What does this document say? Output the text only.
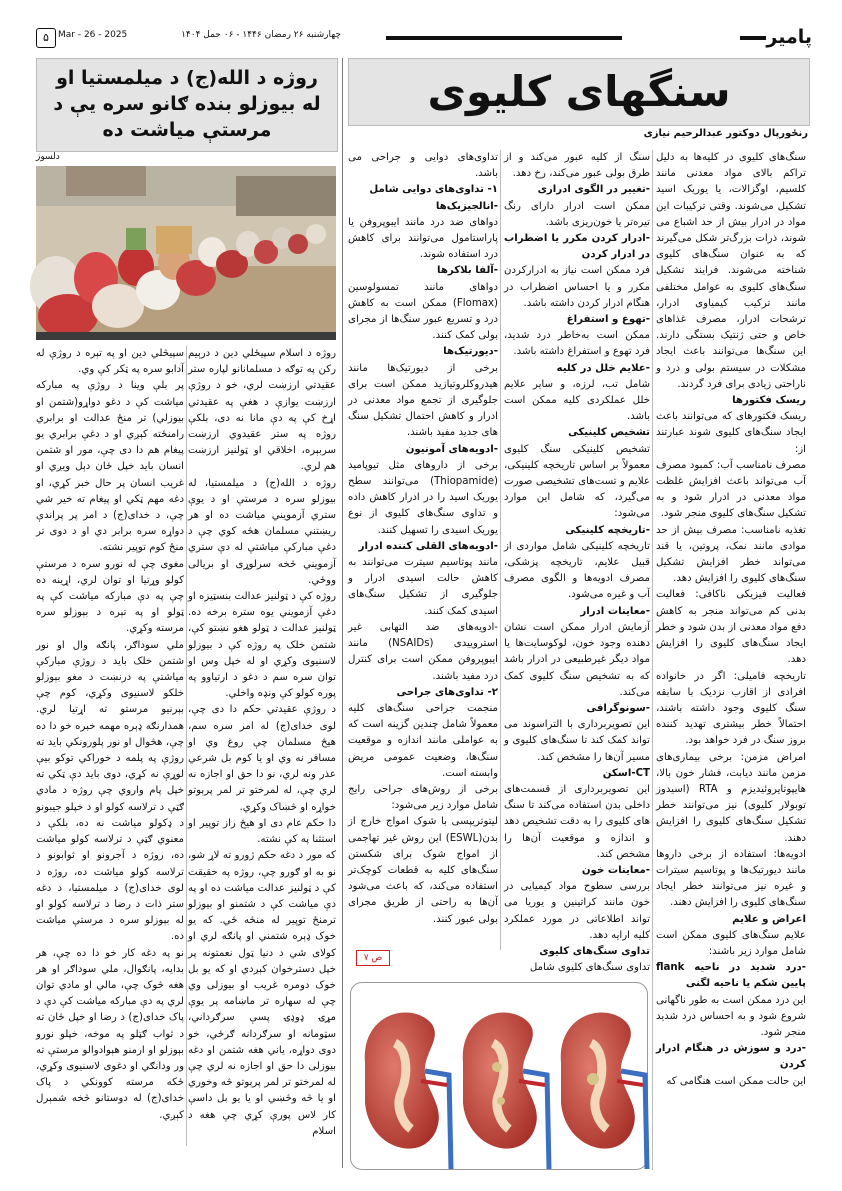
پامیر
چهارشنبه ۲۶ رمضان ۱۴۴۶ - ۰۶ حمل ۱۴۰۴
Mar - 26 - 2025
۵
سنگهای کلیوی
رنځورپال دوکتور عبدالرحیم نیازی

سنگ‌های کلیوی در کلیه‌ها به دلیل تراکم بالای مواد معدنی مانند کلسیم، اوگزالات، یا یوریک اسید تشکیل می‌شوند. وقتی ترکیبات این مواد در ادرار بیش از حد اشباع می شوند، ذرات بزرگ‌تر شکل می‌گیرند که به عنوان سنگ‌های کلیوی شناخته می‌شوند. فرایند تشکیل سنگ‌های کلیوی به عوامل مختلفی مانند ترکیب کیمیاوی ادرار، ترشحات ادرار، مصرف غذاهای خاص و حتی ژنتیک بستگی دارند. این سنگ‌ها می‌توانند باعث ایجاد مشکلات در سیستم بولی و درد و ناراحتی زیادی برای فرد گردند.

ریسک فکتورها

ریسک فکتورهای که می‌توانند باعث ایجاد سنگ‌های کلیوی شوند عبارتند از:

مصرف نامناسب آب: کمبود مصرف آب می‌تواند باعث افزایش غلظت مواد معدنی در ادرار شود و به تشکیل سنگ‌های کلیوی منجر شود.

تغذیه نامناسب: مصرف بیش از حد موادی مانند نمک، پروتین، یا قند می‌تواند خطر افزایش تشکیل سنگ‌های کلیوی را افزایش دهد.

فعالیت فیزیکی ناکافی: فعالیت بدنی کم می‌تواند منجر به کاهش دفع مواد معدنی از بدن شود و خطر ایجاد سنگ‌های کلیوی را افزایش دهد.

تاریخچه فامیلی: اگر در خانواده افرادی از اقارب نزدیک با سابقه سنگ کلیوی وجود داشته باشند، احتمالاً خطر بیشتری تهدید کننده بروز سنگ در فرد خواهد بود.

امراض مزمن: برخی بیماری‌های مزمن مانند دیابت، فشار خون بالا، هایپوتایروئیدیزم و RTA (اسیدوز توبولار کلیوی) نیز می‌توانند خطر تشکیل سنگ‌های کلیوی را افزایش دهند.

ادویه‌ها: استفاده از برخی داروها مانند دیورتیک‌ها و پوتاسیم سیترات و غیره نیز می‌توانند خطر ایجاد سنگ‌های کلیوی را افزایش دهند.

اعراض و علایم

علایم سنگ‌های کلیوی ممکن است شامل موارد زیر باشند:

-درد شدید در ناحیه flank پایین شکم یا ناحیه لگنی

این درد ممکن است به طور ناگهانی شروع شود و به احساس درد شدید منجر شود.

-درد و سوزش در هنگام ادرار کردن

این حالت ممکن است هنگامی که

سنگ از کلیه عبور می‌کند و از طرق بولی عبور می‌کند، رخ دهد.

-تغییر در الگوی ادراری

ممکن است ادرار دارای رنگ تیره‌تر یا خون‌ریزی باشد.

-ادرار کردن مکرر یا اضطراب در ادرار کردن

فرد ممکن است نیاز به ادرارکردن مکرر و یا احساس اضطراب در هنگام ادرار کردن داشته باشد.

-تهوع و استفراغ

ممکن است به‌خاطر درد شدید، فرد تهوع و استفراغ داشته باشد.

-علایم خلل در کلیه

شامل تب، لرزه، و سایر علایم خلل عملکردی کلیه ممکن است باشد.

تشخیص کلینیکی

تشخیص کلینیکی سنگ کلیوی معمولاً بر اساس تاریخچه کلینیکی، علایم و تست‌های تشخیصی صورت می‌گیرد، که شامل این موارد می‌شود:

-تاریخچه کلینیکی

تاریخچه کلینیکی شامل مواردی از قبیل علایم، تاریخچه پزشکی، مصرف ادویه‌ها و الگوی مصرف آب و غیره می‌شود.

-معاینات ادرار

آزمایش ادرار ممکن است نشان دهنده وجود خون، لوکوسایت‌ها یا مواد دیگر غیرطبیعی در ادرار باشد که به تشخیص سنگ کلیوی کمک می‌کند.

-سونوگرافی

این تصویربرداری با التراسوند می تواند کمک کند تا سنگ‌های کلیوی و مسیر آن‌ها را مشخص کند.

CT-اسکن

این تصویربرداری از قسمت‌های داخلی بدن استفاده می‌کند تا سنگ های کلیوی را به دقت تشخیص دهد و اندازه و موقعیت آن‌ها را مشخص کند.

-معاینات خون

بررسی سطوح مواد کیمیایی در خون مانند کراتینین و یوریا می تواند اطلاعاتی در مورد عملکرد کلیه ارایه دهد.

تداوی سنگ‌های کلیوی

تداوی سنگ‌های کلیوی شامل

تداوی‌های دوایی و جراحی می باشد.

۱- تداوی‌های دوایی شامل

-انالجیزیک‌ها

دواهای ضد درد مانند ایبوپروفن یا پاراستامول می‌توانند برای کاهش درد استفاده شوند.

-آلفا بلاکرها

دواهای مانند تمسولوسین (Flomax) ممکن است به کاهش درد و تسریع عبور سنگ‌ها از مجرای بولی کمک کنند.

-دیورتیک‌ها

برخی از دیورتیک‌ها مانند هیدروکلروتیازید ممکن است برای جلوگیری از تجمع مواد معدنی در ادرار و کاهش احتمال تشکیل سنگ های جدید مفید باشند.

-ادویه‌های آمونیون

برخی از داروهای مثل تیوپامید (Thiopamide) می‌توانند سطح یوریک اسید را در ادرار کاهش داده و تداوی سنگ‌های کلیوی از نوع یوریک اسیدی را تسهیل کنند.

-ادویه‌های القلی کننده ادرار

مانند پوتاسیم سیترت می‌توانند به کاهش حالت اسیدی ادرار و جلوگیری از تشکیل سنگ‌های اسیدی کمک کنند.

-ادویه‌های ضد التهابی غیر استروییدی (NSAIDs) مانند ایبوپروفن ممکن است برای کنترل درد مفید باشند.

۲- تداوی‌های جراحی

منجمت جراحی سنگ‌های کلیه معمولاً شامل چندین گزینه است که به عواملی مانند اندازه و موقعیت سنگ‌ها، وضعیت عمومی مریض وابسته است.

برخی از روش‌های جراحی رایج شامل موارد زیر می‌شود:

لیتوتریپسی با شوک امواج خارج از بدن(ESWL) این روش غیر تهاجمی از امواج شوک برای شکستن سنگ‌های کلیه به قطعات کوچک‌تر استفاده می‌کند، که باعث می‌شود آن‌ها به راحتی از طریق مجرای بولی عبور کنند.

ص ۷
روژه د الله(ج) د میلمستیا او له بیوزلو بنده ګانو سره يې د مرستې میاشت ده
دلسوز

روژه د اسلام سپیځلي دین د درېیم رکن په توګه د مسلمانانو لپاره ستر عقیدتي ارزښت لري، خو د روژې ارزښت یوازې د هغې په عقیدتي اړخ کې په دې مانا نه دی، بلکې روژه په ستر عقیدوي ارزښت سربېره، اخلاقي او ټولنیز ارزښت هم لري.

روژه د الله(ج) د میلمستیا، له بیوزلو سره د مرستې او د یوې ستري آزمویني میاشت ده او هر ریښتني مسلمان هڅه کوي چې د دغې مبارکې میاشتې له دې ستري آزمویني څخه سرلوړی او بریالی ووځي.

روژه کې د ټولنیز عدالت بنسټيزه او دغې آزمویني یوه ستره برخه ده. ټولنیز عدالت د ټولو هغو نښتو کې، شتمن خلک په روژه کې د بیوزلو لاسنیوی وکړي او له خپل وس او توان سره سم د دغو د ارتیاوو په پوره کولو کې ونډه واخلي.

د روژې عقیدتي حکم دا دی چې، لوی خدای(ج) له امر سره سم، هیڅ مسلمان چې روغ وي او مسافر نه وي او یا کوم بل شرعي عذر ونه لري، نو دا حق او اجازه نه لري چې، له لمرختو تر لمر پرېوتو خواړه او څښاک وکړي.

دا حکم عام دی او هیڅ راز توپیر او استثنا په کې نشته.

که مور د دغه حکم ژورو ته لاړ شو، نو به او ګورو چې، روژه په حقیقت کې د ټولنیز عدالت میاشت ده او په دې میاشت کې د شتمنو او بیوزلو ترمنځ توپیر له منځه ځي. که یو خوک ډېره شتمني او پانګه لري او کولای شي د دنیا ټول نعمتونه پر خپل دسترخوان کېږدي او که یو بل خوک دومره غریب او بیوزلی وي چې له سهاره تر ماښامه پر یوې مړۍ ډوډۍ پسې سرګرداني، سټومانه او سرګردانه ګرځي، خو دوی دواړه، یاني هغه شتمن او دغه بیوزلی دا حق او اجازه نه لري چې له لمرختو تر لمر پرېوتو څه وخوري او یا څه وڅښي او یا یو بل داسې کار لاس پورې کړي چې هغه د اسلام

سپیڅلي دین او په تېره د روژې له آدابو سره په ټکر کې وي.

پر بلې وینا د روژې په مبارکه میاشت کې د دغو دواړو(شتمن او بیوزلي) تر منځ عدالت او برابري رامنځته کېږي او د دغې برابري یو پیغام هم دا دی چې، مور او شتمن انسان باید خپل ځان دېل ویږي او غریب انسان پر حال خبر کړي، او دغه مهم ټکي او پیغام ته خیر شي چې، د خدای(ج) د امر پر پراندې دواړه سره برابر دي او د دوی تر منځ کوم توپیر نشته.

مغوی چې له نورو سره د مرستې کولو وړتیا او توان لري، اړینه ده چې په دې مبارکه میاشت کې په ټولو او په تېره د بېوزلو سره مرسته وکړي.

ملي سوداګر، پانګه وال او نور شتمن خلک باید د روژې مبارکې میاشتې په درنښت د مغو بېوزلو خلکو لاسنیوی وکړي، کوم چې بېرنیو مرستو ته اړتیا لري. همدارنګه ډېره مهمه خبره خو دا ده چې، هڅوال او نور پلورونکي باید ته روژې په پلمه د خوراکي توکو بیې لوړې نه کړي، دوی باید دې ټکي ته خپل پام واروي چې روژه د مادي ګټې د ترلاسه کولو او د خپلو جیبونو د ډکولو میاشت نه ده، بلکې د معنوي ګټې د ترلاسه کولو میاشت ده، روژه د آجرونو او ثوابونو د ترلاسه کولو میاشت ده، روژه د لوی خدای(ج) د میلمستیا، د دغه ستر ذات د رضا د ترلاسه کولو او له بېوزلو سره د مرستې میاشت ده.

نو په دغه کار خو دا ده چې، هر بدایه، پانګوال، ملي سوداګر او هر هغه څوک چې، مالي او مادي توان لري په دې مبارکه میاشت کې دې د پاک خدای(ج) د رضا او خپل ځان ته د ثواب ګټلو په موخه، خپلو نورو بېوزلو او ارمنو هېوادوالو مرستې ته ور ودانګي او دغوی لاسنیوی وکړي، ځکه مرسته کوونکي د پاک خدای(ج) له دوستانو څخه شمېرل کېږي.
